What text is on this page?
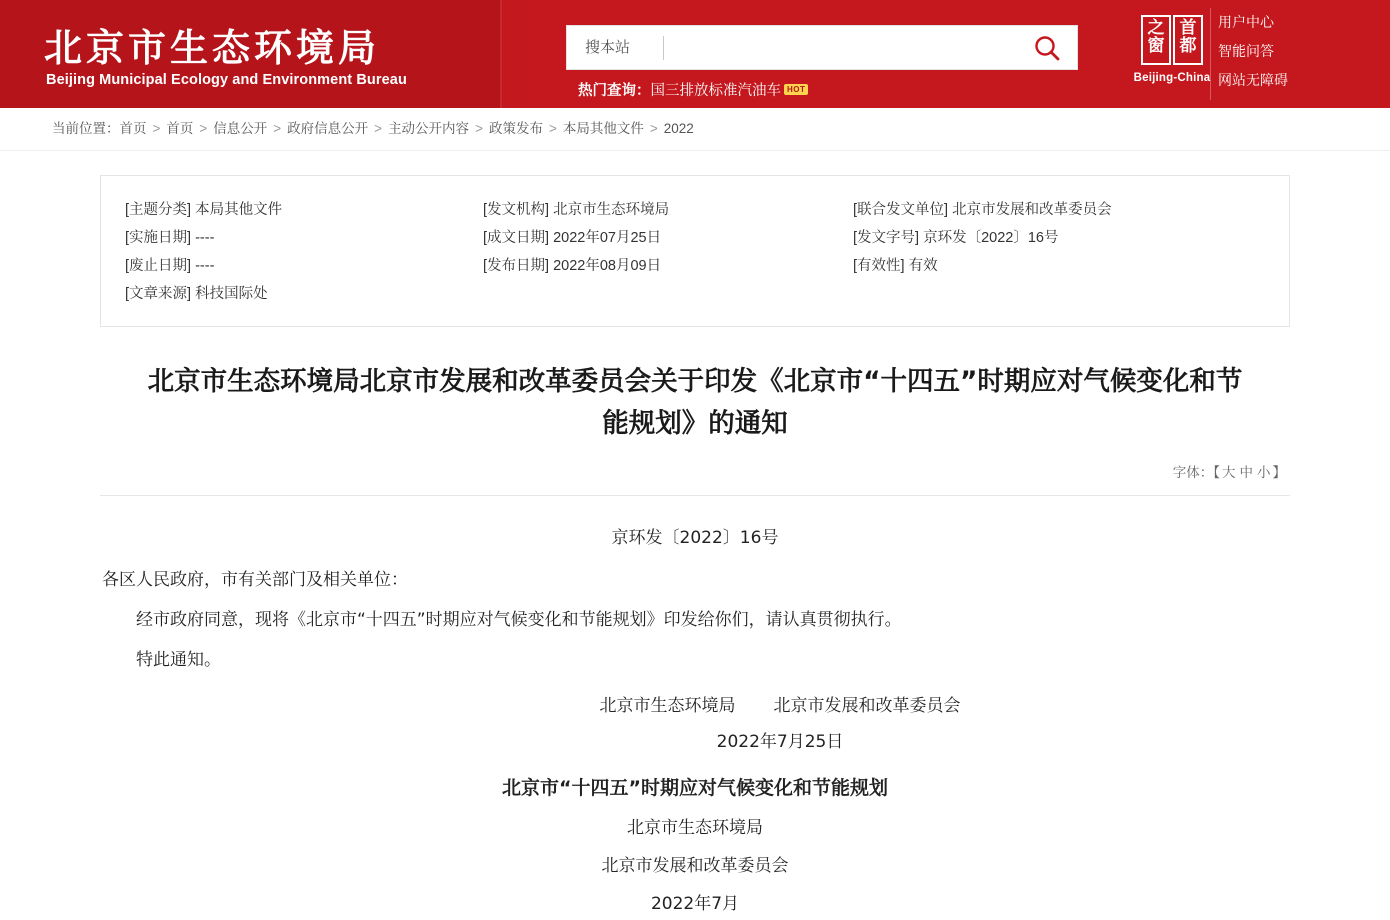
北京市生态环境局
Beijing Municipal Ecology and Environment Bureau
搜本站
热门查询：国三排放标准汽油车 HOT
之窗
首都
Beijing-China
用户中心
智能问答
网站无障碍
当前位置：首页 > 首页 > 信息公开 > 政府信息公开 > 主动公开内容 > 政策发布 > 本局其他文件 > 2022
[主题分类] 本局其他文件
[实施日期] ----
[废止日期] ----
[文章来源] 科技国际处
[发文机构] 北京市生态环境局
[成文日期] 2022年07月25日
[发布日期] 2022年08月09日
[联合发文单位] 北京市发展和改革委员会
[发文字号] 京环发〔2022〕16号
[有效性] 有效
北京市生态环境局北京市发展和改革委员会关于印发《北京市“十四五”时期应对气候变化和节能规划》的通知
字体：【 大 中 小 】

京环发〔2022〕16号

各区人民政府，市有关部门及相关单位：

经市政府同意，现将《北京市“十四五”时期应对气候变化和节能规划》印发给你们，请认真贯彻执行。

特此通知。

北京市生态环境局 北京市发展和改革委员会

2022年7月25日

北京市“十四五”时期应对气候变化和节能规划

北京市生态环境局

北京市发展和改革委员会

2022年7月
